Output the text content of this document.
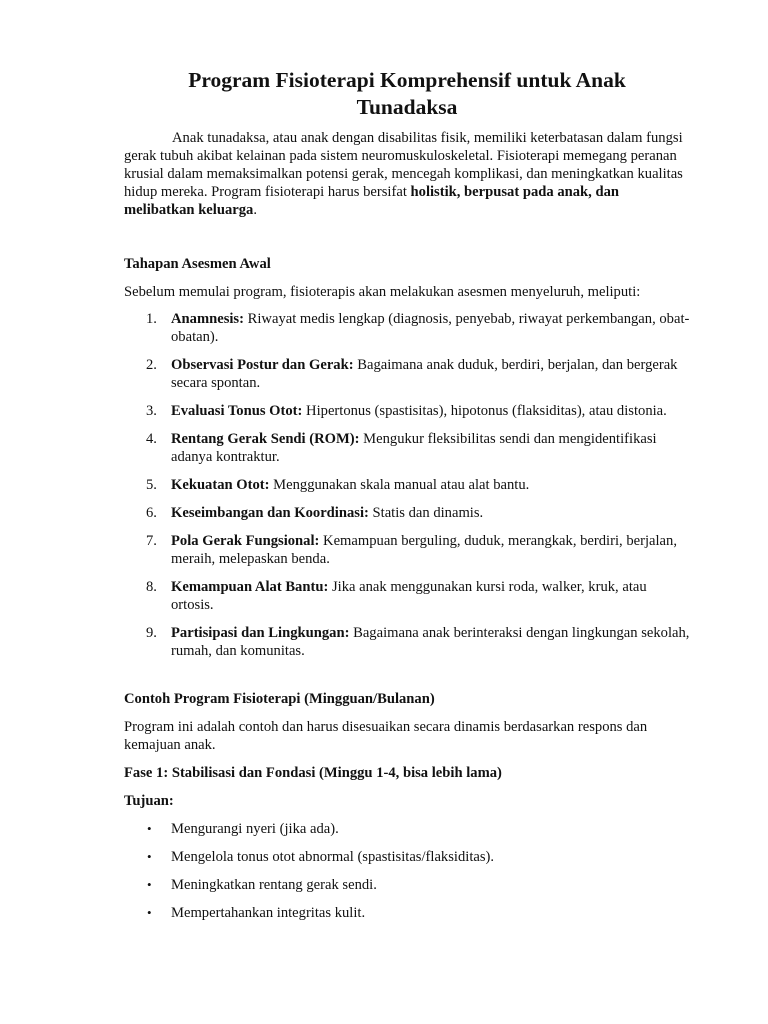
Program Fisioterapi Komprehensif untuk Anak Tunadaksa

Anak tunadaksa, atau anak dengan disabilitas fisik, memiliki keterbatasan dalam fungsi gerak tubuh akibat kelainan pada sistem neuromuskuloskeletal. Fisioterapi memegang peranan krusial dalam memaksimalkan potensi gerak, mencegah komplikasi, dan meningkatkan kualitas hidup mereka. Program fisioterapi harus bersifat holistik, berpusat pada anak, dan melibatkan keluarga.

Tahapan Asesmen Awal

Sebelum memulai program, fisioterapis akan melakukan asesmen menyeluruh, meliputi:

1. Anamnesis: Riwayat medis lengkap (diagnosis, penyebab, riwayat perkembangan, obat-obatan).
2. Observasi Postur dan Gerak: Bagaimana anak duduk, berdiri, berjalan, dan bergerak secara spontan.
3. Evaluasi Tonus Otot: Hipertonus (spastisitas), hipotonus (flaksiditas), atau distonia.
4. Rentang Gerak Sendi (ROM): Mengukur fleksibilitas sendi dan mengidentifikasi adanya kontraktur.
5. Kekuatan Otot: Menggunakan skala manual atau alat bantu.
6. Keseimbangan dan Koordinasi: Statis dan dinamis.
7. Pola Gerak Fungsional: Kemampuan berguling, duduk, merangkak, berdiri, berjalan, meraih, melepaskan benda.
8. Kemampuan Alat Bantu: Jika anak menggunakan kursi roda, walker, kruk, atau ortosis.
9. Partisipasi dan Lingkungan: Bagaimana anak berinteraksi dengan lingkungan sekolah, rumah, dan komunitas.

Contoh Program Fisioterapi (Mingguan/Bulanan)

Program ini adalah contoh dan harus disesuaikan secara dinamis berdasarkan respons dan kemajuan anak.

Fase 1: Stabilisasi dan Fondasi (Minggu 1-4, bisa lebih lama)

Tujuan:

• Mengurangi nyeri (jika ada).
• Mengelola tonus otot abnormal (spastisitas/flaksiditas).
• Meningkatkan rentang gerak sendi.
• Mempertahankan integritas kulit.
